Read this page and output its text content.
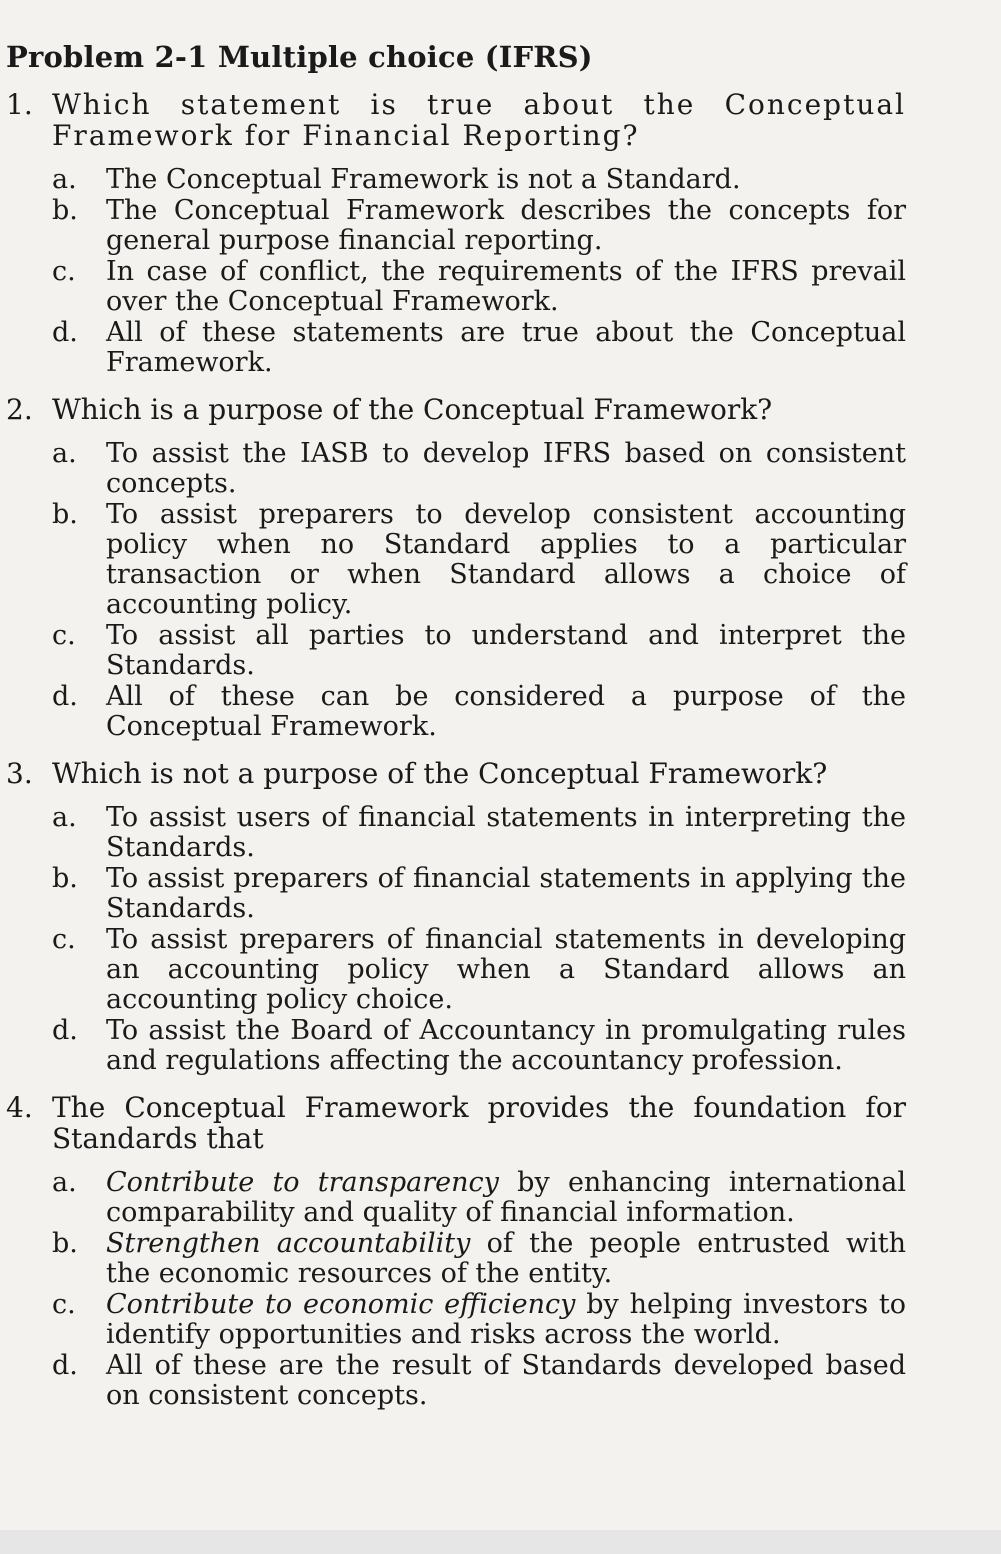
Problem 2-1 Multiple choice (IFRS)
1. Which statement is true about the Conceptual Framework for Financial Reporting?
a.	The Conceptual Framework is not a Standard.
b.	The Conceptual Framework describes the concepts for general purpose financial reporting.
c.	In case of conflict, the requirements of the IFRS prevail over the Conceptual Framework.
d.	All of these statements are true about the Conceptual Framework.
2. Which is a purpose of the Conceptual Framework?
a.	To assist the IASB to develop IFRS based on consistent concepts.
b.	To assist preparers to develop consistent accounting policy when no Standard applies to a particular transaction or when Standard allows a choice of accounting policy.
c.	To assist all parties to understand and interpret the Standards.
d.	All of these can be considered a purpose of the Conceptual Framework.
3. Which is not a purpose of the Conceptual Framework?
a.	To assist users of financial statements in interpreting the Standards.
b.	To assist preparers of financial statements in applying the Standards.
c.	To assist preparers of financial statements in developing an accounting policy when a Standard allows an accounting policy choice.
d.	To assist the Board of Accountancy in promulgating rules and regulations affecting the accountancy profession.
4. The Conceptual Framework provides the foundation for Standards that
a.	Contribute to transparency by enhancing international comparability and quality of financial information.
b.	Strengthen accountability of the people entrusted with the economic resources of the entity.
c.	Contribute to economic efficiency by helping investors to identify opportunities and risks across the world.
d.	All of these are the result of Standards developed based on consistent concepts.
